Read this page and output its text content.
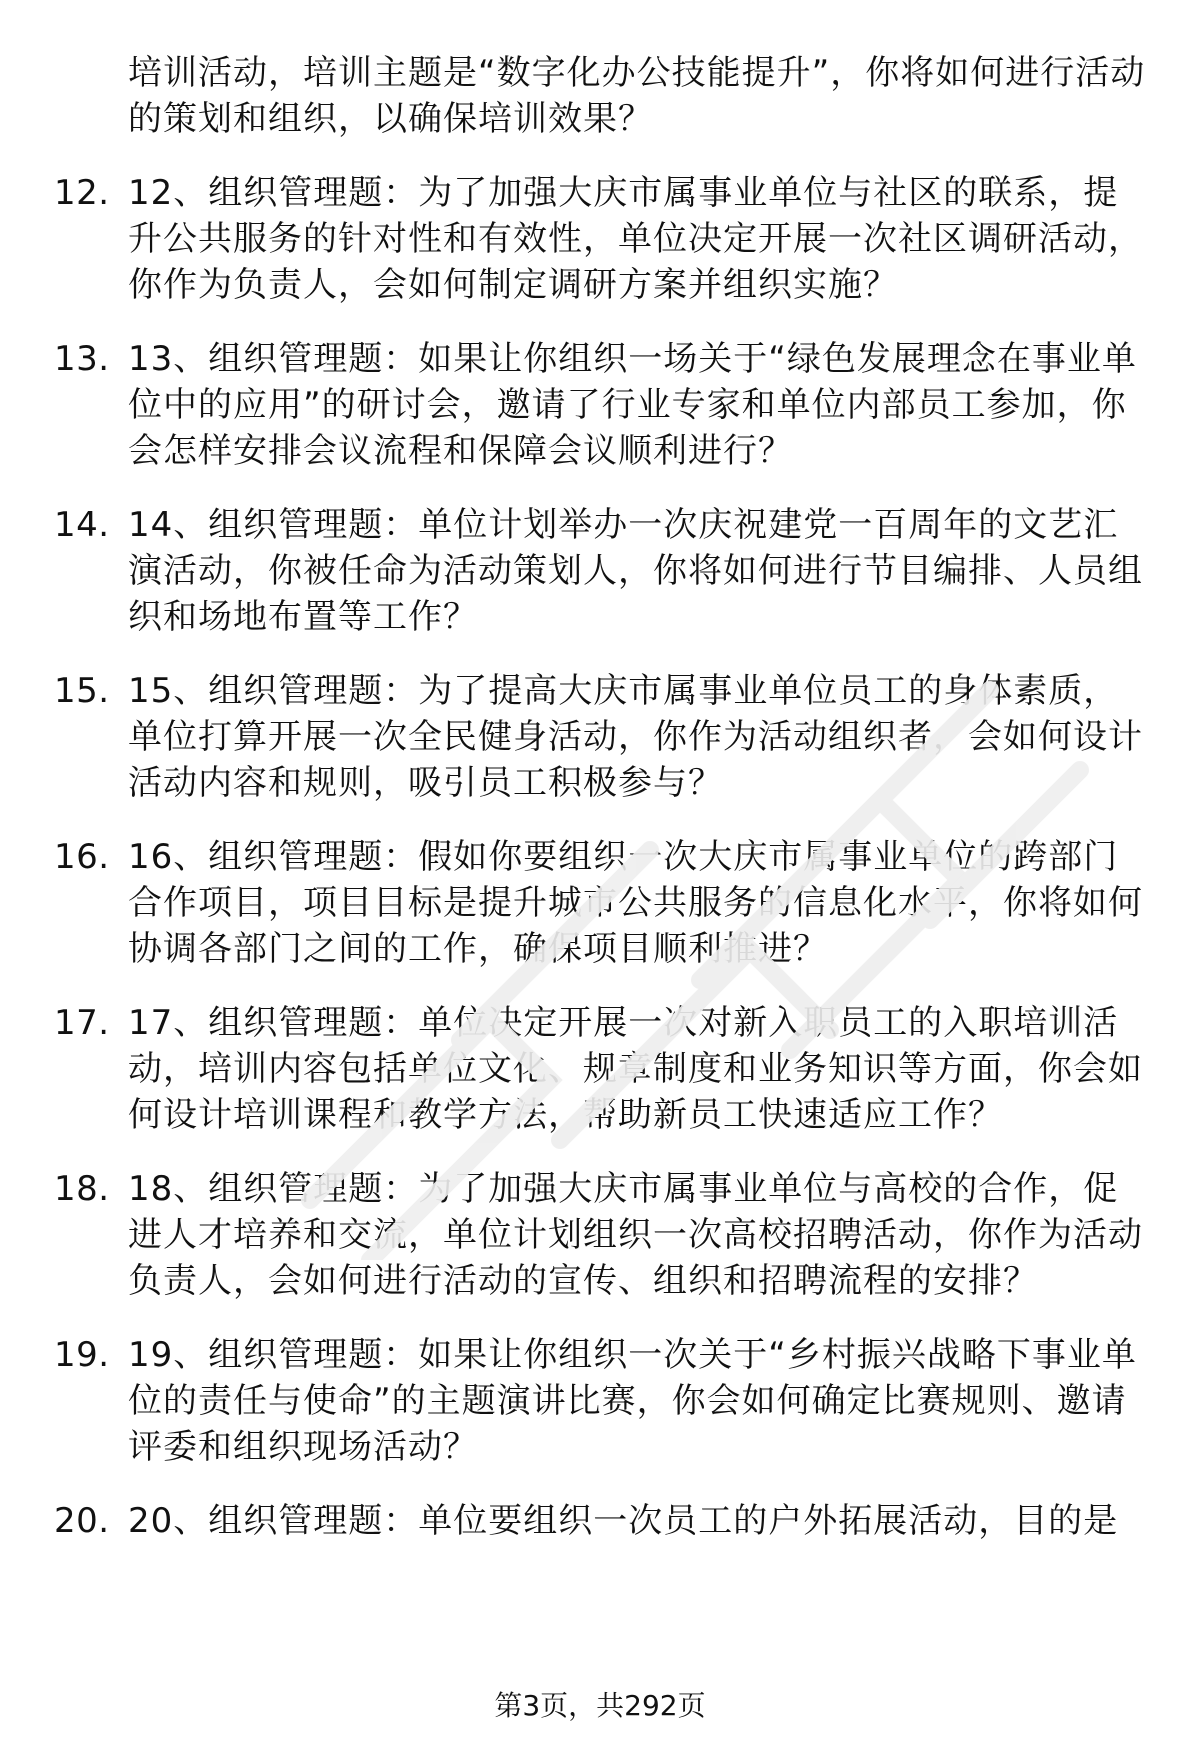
培训活动，培训主题是“数字化办公技能提升”，你将如何进行活动的策划和组织，以确保培训效果？
12. 12、组织管理题：为了加强大庆市属事业单位与社区的联系，提升公共服务的针对性和有效性，单位决定开展一次社区调研活动，你作为负责人，会如何制定调研方案并组织实施？
13. 13、组织管理题：如果让你组织一场关于“绿色发展理念在事业单位中的应用”的研讨会，邀请了行业专家和单位内部员工参加，你会怎样安排会议流程和保障会议顺利进行？
14. 14、组织管理题：单位计划举办一次庆祝建党一百周年的文艺汇演活动，你被任命为活动策划人，你将如何进行节目编排、人员组织和场地布置等工作？
15. 15、组织管理题：为了提高大庆市属事业单位员工的身体素质，单位打算开展一次全民健身活动，你作为活动组织者，会如何设计活动内容和规则，吸引员工积极参与？
16. 16、组织管理题：假如你要组织一次大庆市属事业单位的跨部门合作项目，项目目标是提升城市公共服务的信息化水平，你将如何协调各部门之间的工作，确保项目顺利推进？
17. 17、组织管理题：单位决定开展一次对新入职员工的入职培训活动，培训内容包括单位文化、规章制度和业务知识等方面，你会如何设计培训课程和教学方法，帮助新员工快速适应工作？
18. 18、组织管理题：为了加强大庆市属事业单位与高校的合作，促进人才培养和交流，单位计划组织一次高校招聘活动，你作为活动负责人，会如何进行活动的宣传、组织和招聘流程的安排？
19. 19、组织管理题：如果让你组织一次关于“乡村振兴战略下事业单位的责任与使命”的主题演讲比赛，你会如何确定比赛规则、邀请评委和组织现场活动？
20. 20、组织管理题：单位要组织一次员工的户外拓展活动，目的是
第3页，共292页
